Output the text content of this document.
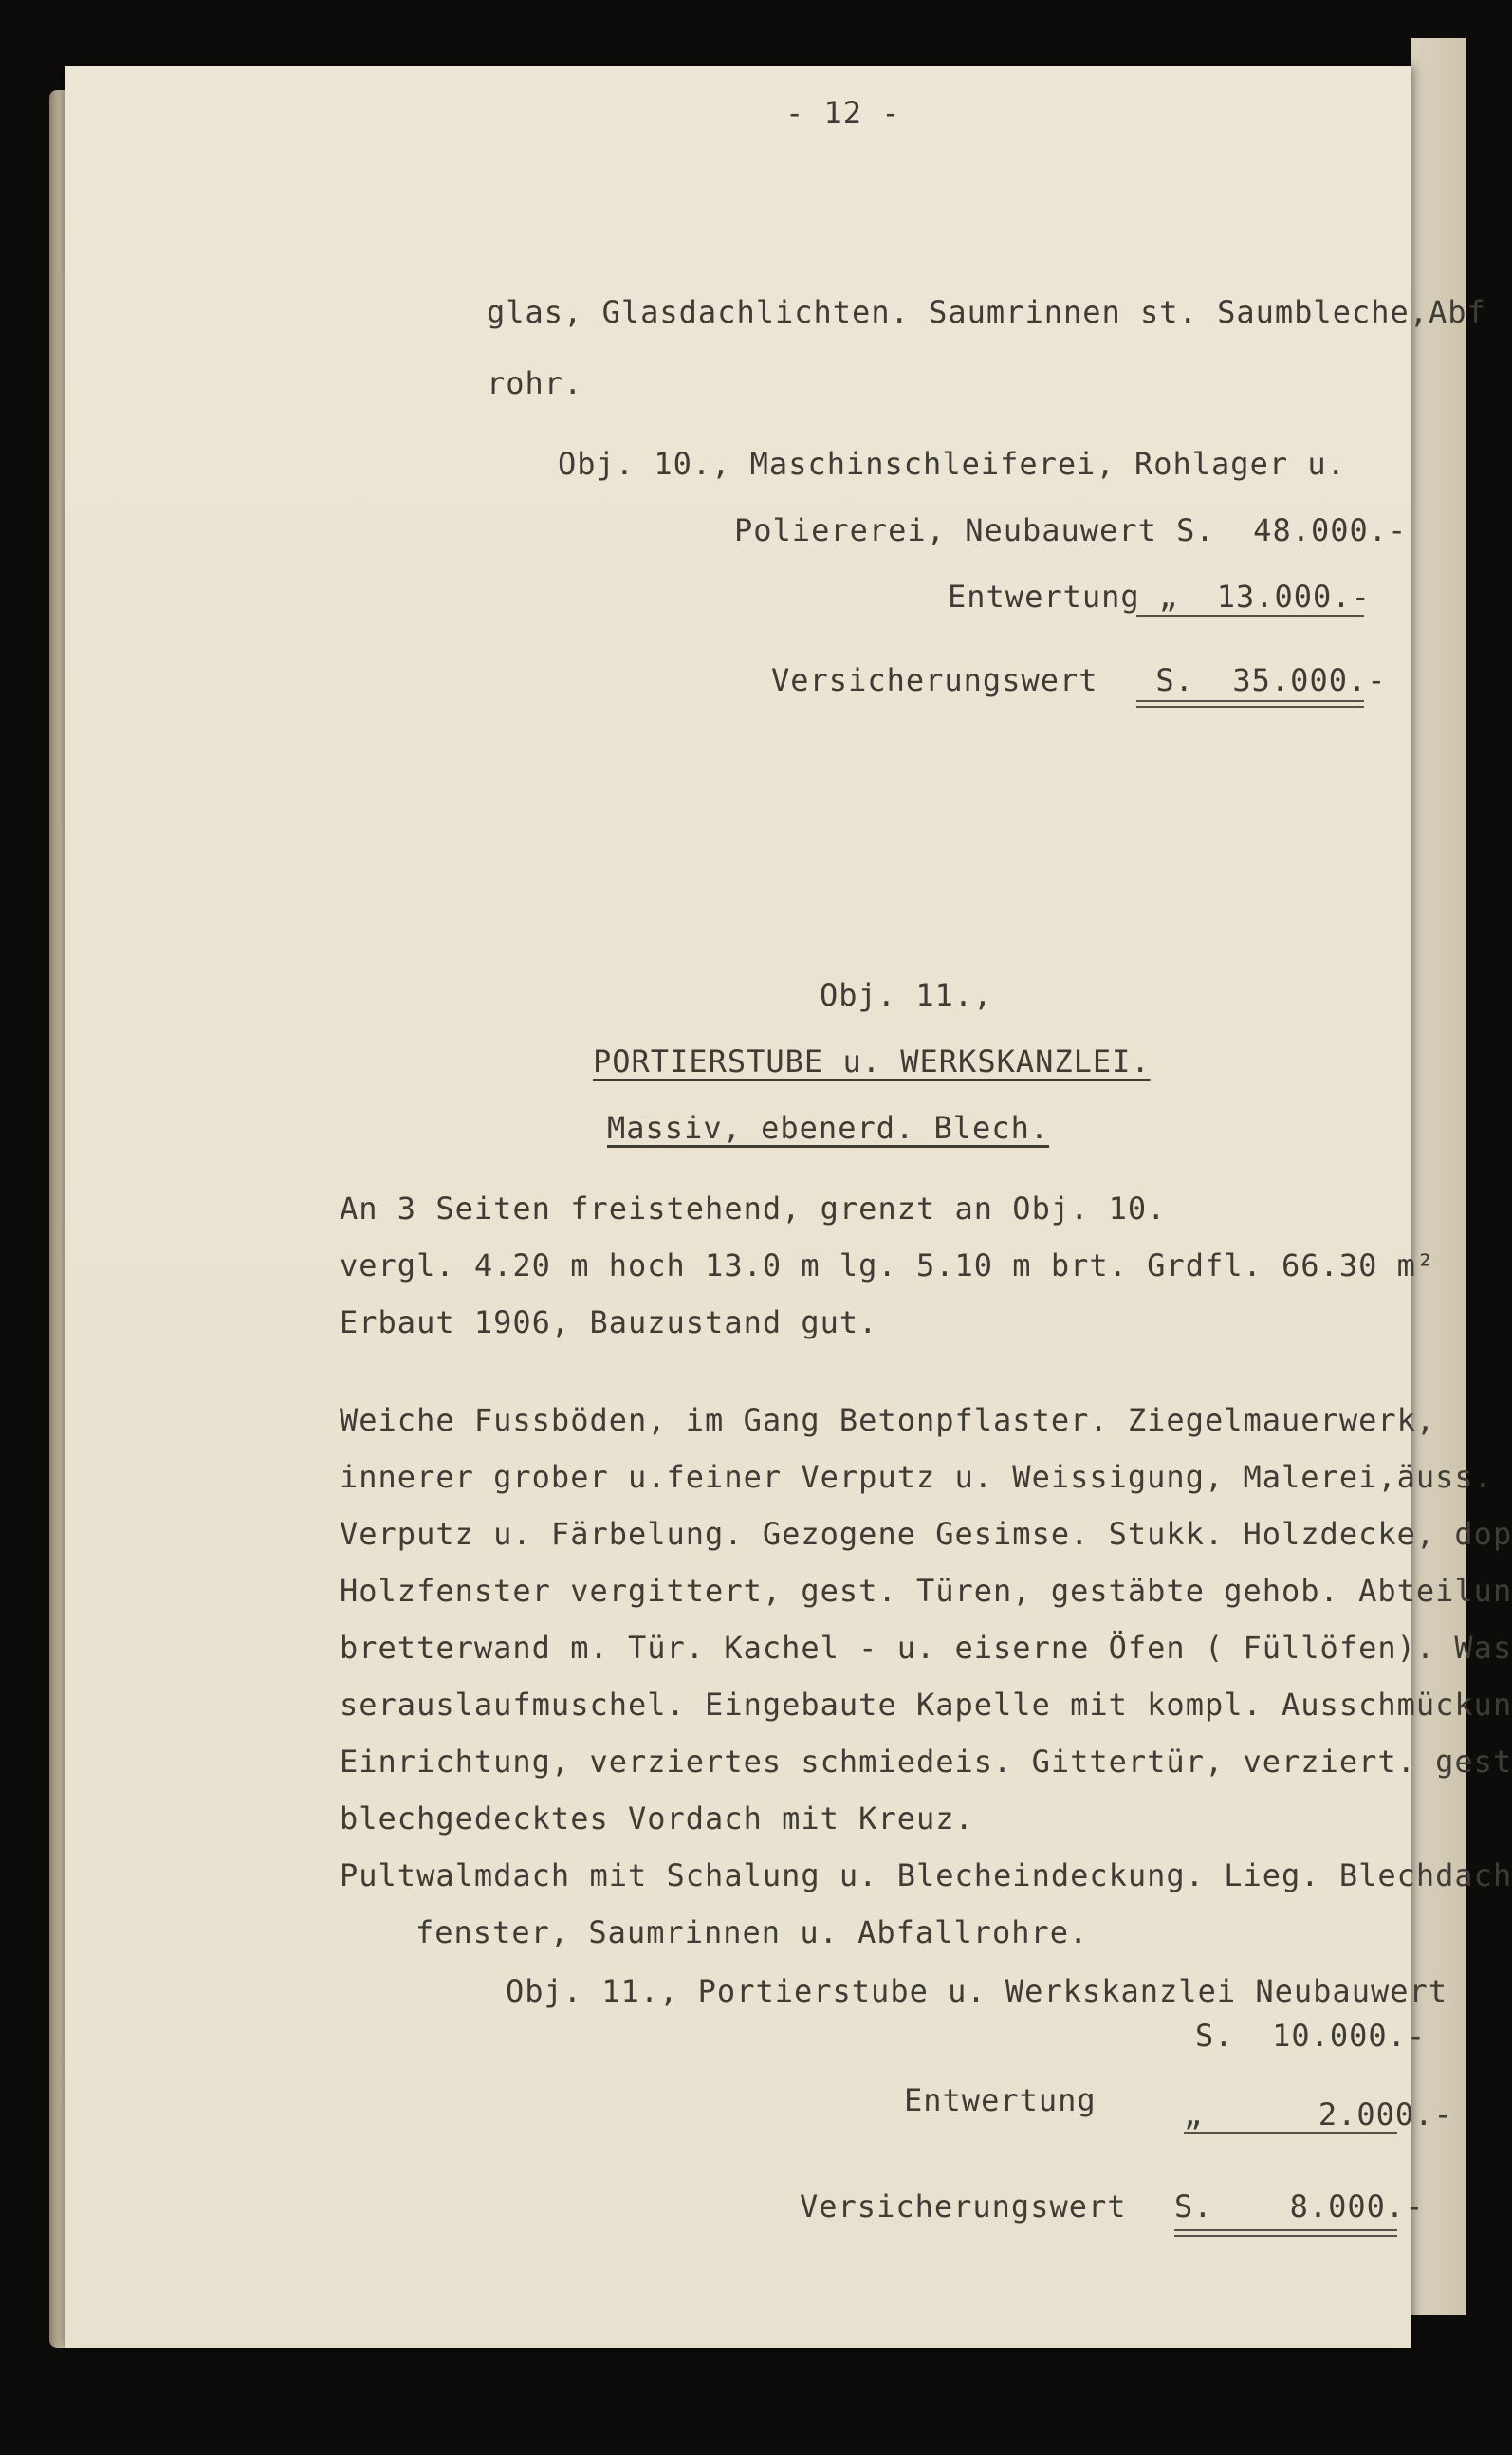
- 12 -
glas, Glasdachlichten. Saumrinnen st. Saumbleche,Abf
rohr.
Obj. 10., Maschinschleiferei, Rohlager u.
Poliererei, Neubauwert S.  48.000.-
Entwertung „  13.000.-
Versicherungswert   S.  35.000.-
Obj. 11.,
PORTIERSTUBE u. WERKSKANZLEI.
Massiv, ebenerd. Blech.
An 3 Seiten freistehend, grenzt an Obj. 10.
vergl. 4.20 m hoch 13.0 m lg. 5.10 m brt. Grdfl. 66.30 m²
Erbaut 1906, Bauzustand gut.
Weiche Fussböden, im Gang Betonpflaster. Ziegelmauerwerk,
innerer grober u.feiner Verputz u. Weissigung, Malerei,äuss.
Verputz u. Färbelung. Gezogene Gesimse. Stukk. Holzdecke, dop
Holzfenster vergittert, gest. Türen, gestäbte gehob. Abteilun
bretterwand m. Tür. Kachel - u. eiserne Öfen ( Füllöfen). Was
serauslaufmuschel. Eingebaute Kapelle mit kompl. Ausschmückun
Einrichtung, verziertes schmiedeis. Gittertür, verziert. gest
blechgedecktes Vordach mit Kreuz.
Pultwalmdach mit Schalung u. Blecheindeckung. Lieg. Blechdach
fenster, Saumrinnen u. Abfallrohre.
Obj. 11., Portierstube u. Werkskanzlei Neubauwert
S.  10.000.-
Entwertung	„      2.000.-
Versicherungswert S.    8.000.-
